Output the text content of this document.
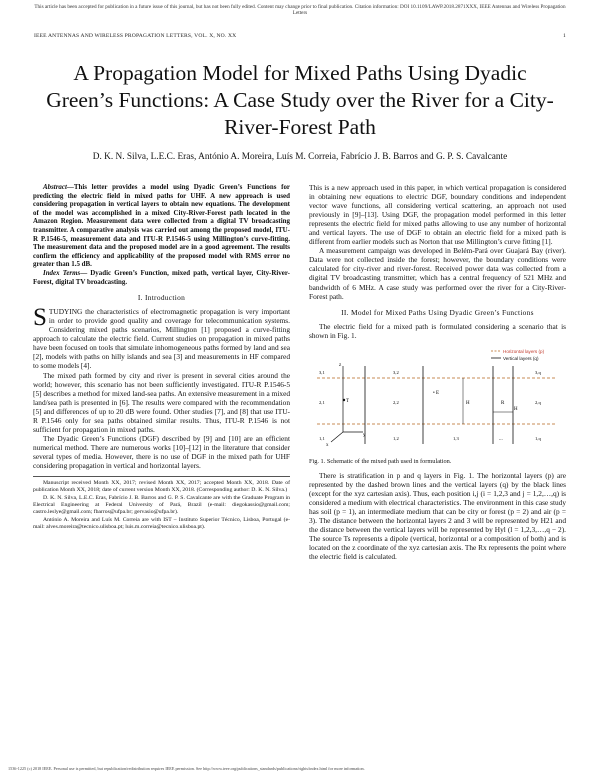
This article has been accepted for publication in a future issue of this journal, but has not been fully edited. Content may change prior to final publication. Citation information: DOI 10.1109/LAWP.2018.2871XXX, IEEE Antennas and Wireless Propagation Letters
IEEE ANTENNAS AND WIRELESS PROPAGATION LETTERS, VOL. X, NO. XX	1
A Propagation Model for Mixed Paths Using Dyadic Green’s Functions: A Case Study over the River for a City-River-Forest Path
D. K. N. Silva, L.E.C. Eras, António A. Moreira, Luís M. Correia, Fabrício J. B. Barros and G. P. S. Cavalcante

Abstract—This letter provides a model using Dyadic Green’s Functions for predicting the electric field in mixed paths for UHF. A new approach is used considering propagation in vertical layers to obtain new equations. The development of the model was accomplished in a mixed City-River-Forest path located in the Amazon Region. Measurement data were collected from a digital TV broadcasting transmitter. A comparative analysis was carried out among the proposed model, ITU-R P.1546-5, measurement data and ITU-R P.1546-5 using Millington’s curve-fitting. The measurement data and the proposed model are in a good agreement. The results confirm the efficiency and applicability of the proposed model with RMS error no greater than 1.5 dB.

Index Terms— Dyadic Green’s Function, mixed path, vertical layer, City-River-Forest, digital TV broadcasting.

I. Introduction

STUDYING the characteristics of electromagnetic propagation is very important in order to provide good quality and coverage for telecommunication systems. Considering mixed paths scenarios, Millington [1] proposed a curve-fitting approach to calculate the electric field. Current studies on propagation in mixed paths have been focused on tools that simulate inhomogeneous paths formed by land and sea [2], models with paths on hilly islands and sea [3] and measurements in HF compared to some models [4].

The mixed path formed by city and river is present in several cities around the world; however, this scenario has not been sufficiently investigated. ITU-R P.1546-5 [5] describes a method for mixed land-sea paths. An extensive measurement in a mixed land/sea path is presented in [6]. The results were compared with the recommendation [5] and differences of up to 20 dB were found. Other studies [7], and [8] that use ITU-R P.1546 only for sea paths obtained similar results. Thus, ITU-R P.1546 is not sufficient for propagation in mixed paths.

The Dyadic Green’s Functions (DGF) described by [9] and [10] are an efficient numerical method. There are numerous works [10]–[12] in the literature that consider several types of media. However, there is no use of DGF in the mixed path for UHF considering propagation in vertical and horizontal layers.

Manuscript received Month XX, 2017; revised Month XX, 2017; accepted Month XX, 2018. Date of publication Month XX, 2018; date of current version Month XX, 2018. (Corresponding author: D. K. N. Silva.)

D. K. N. Silva, L.E.C. Eras, Fabrício J. B. Barros and G. P. S. Cavalcante are with the Graduate Program in Electrical Engineering at Federal University of Pará, Brazil (e-mail: diegokassio@gmail.com; castro.leslye@gmail.com; fbarros@ufpa.br; gervasio@ufpa.br).

António A. Moreira and Luís M. Correia are with IST – Instituto Superior Técnico, Lisboa, Portugal (e-mail: alves.moreira@tecnico.ulisboa.pt; luis.m.correia@tecnico.ulisboa.pt).

This is a new approach used in this paper, in which vertical propagation is considered in obtaining new equations to electric DGF, boundary conditions and independent vector wave functions, all considering vertical scattering, an approach not used previously in [9]–[13]. Using DGF, the propagation model performed in this letter represents the electric field for mixed paths allowing to use any number of horizontal and vertical layers. The use of DGF to obtain an electric field for a mixed path is different from earlier models such as Norton that use Millington’s curve fitting [1].

A measurement campaign was developed in Belém-Pará over Guajará Bay (river). Data were not collected inside the forest; however, the boundary conditions were calculated for city-river and river-forest. Received power data was collected from a digital TV broadcasting transmitter, which has a central frequency of 521 MHz and bandwidth of 6 MHz. A case study was performed over the river for a City-River-Forest path.

II. Model for Mixed Paths Using Dyadic Green’s Functions

The electric field for a mixed path is formulated considering a scenario that is shown in Fig. 1.

Horizontal layers (p)
Vertical layers (q)
z
x
y
T
• E
R
H
H
3,1	3,2	3,q
2,1	2,2	2,q
1,1	1,2	1,3	1,q
...
Fig. 1. Schematic of the mixed path used in formulation.

There is stratification in p and q layers in Fig. 1. The horizontal layers (p) are represented by the dashed brown lines and the vertical layers (q) by the black lines (except for the xyz cartesian axis). Thus, each position i,j (i = 1,2,3 and j = 1,2,…,q) is considered a medium with electrical characteristics. The environment in this case study has soil (p = 1), an intermediate medium that can be city or forest (p = 2) and air (p = 3). The distance between the horizontal layers 2 and 3 will be represented by H21 and the distance between the vertical layers will be represented by Hyl (l = 1,2,3,…,q − 2). The source Ts represents a dipole (vertical, horizontal or a composition of both) and is located on the z coordinate of the xyz cartesian axis. The Rx represents the point where the electric field is calculated.

1536-1225 (c) 2018 IEEE. Personal use is permitted, but republication/redistribution requires IEEE permission. See http://www.ieee.org/publications_standards/publications/rights/index.html for more information.
